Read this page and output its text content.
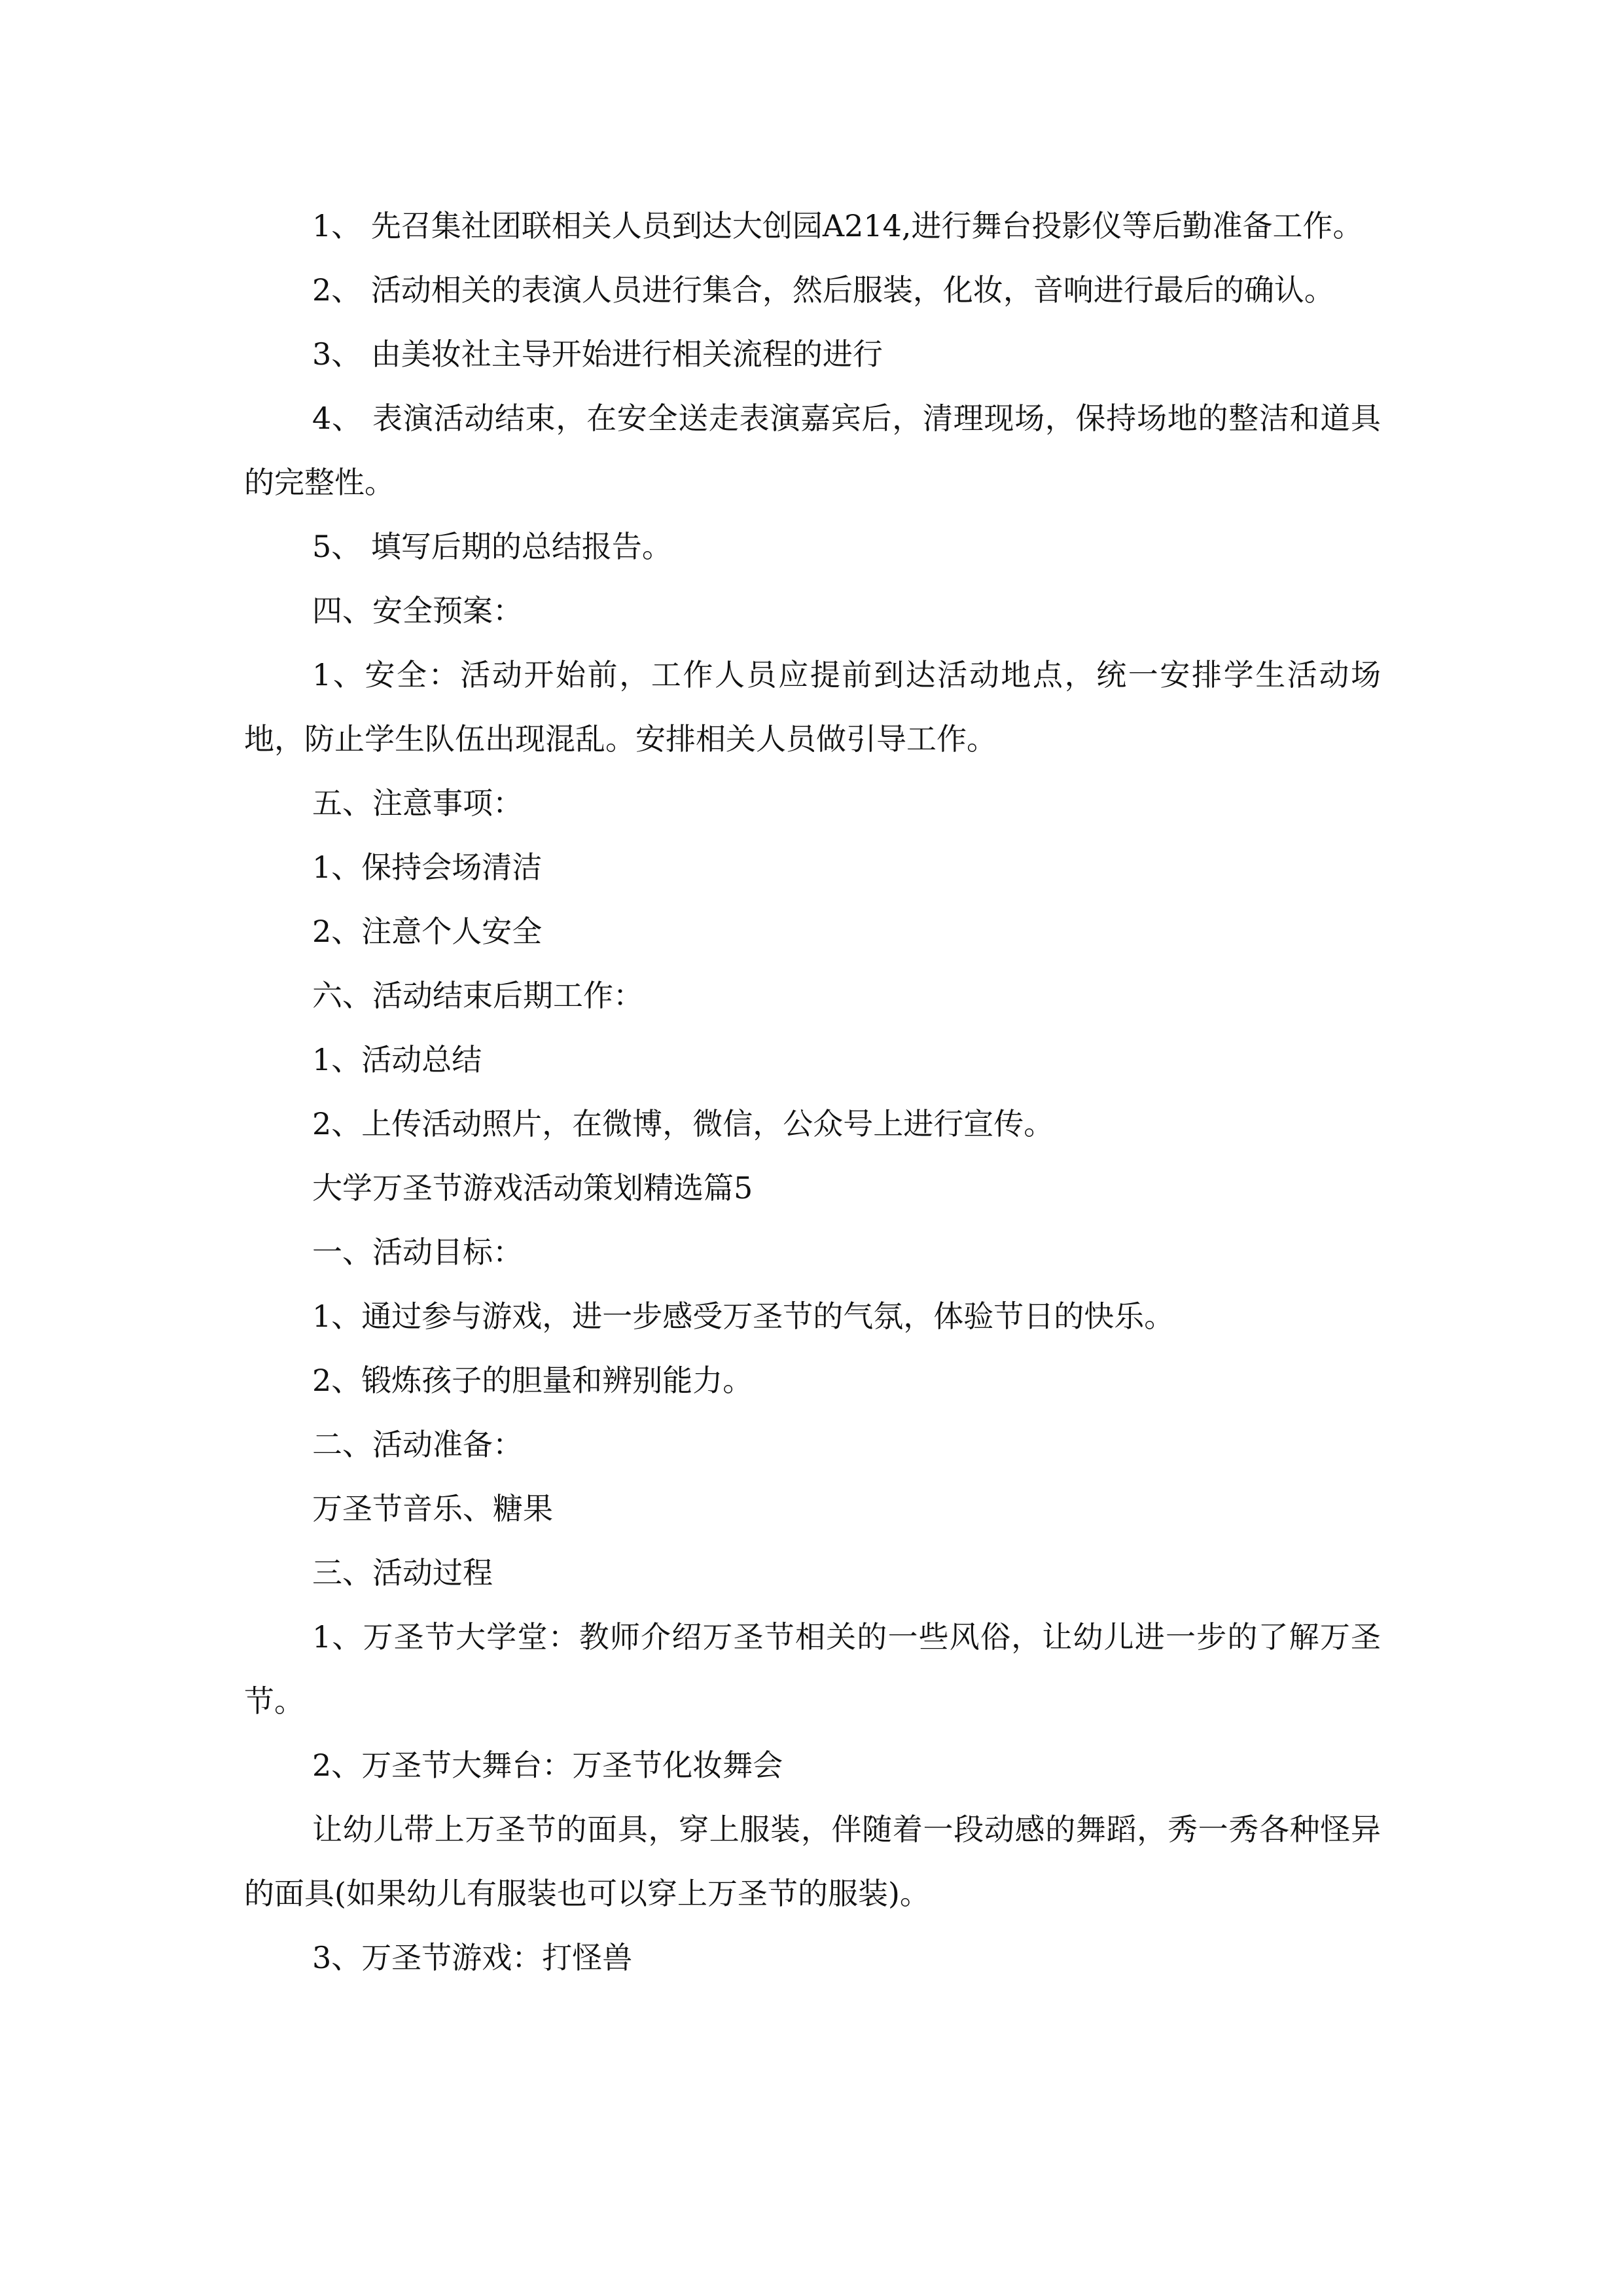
1、 先召集社团联相关人员到达大创园A214,进行舞台投影仪等后勤准备工作。

2、 活动相关的表演人员进行集合，然后服装，化妆，音响进行最后的确认。

3、 由美妆社主导开始进行相关流程的进行

4、 表演活动结束，在安全送走表演嘉宾后，清理现场，保持场地的整洁和道具的完整性。

5、 填写后期的总结报告。

四、安全预案：

1、安全：活动开始前，工作人员应提前到达活动地点，统一安排学生活动场地，防止学生队伍出现混乱。安排相关人员做引导工作。

五、注意事项：

1、保持会场清洁

2、注意个人安全

六、活动结束后期工作：

1、活动总结

2、上传活动照片，在微博，微信，公众号上进行宣传。

大学万圣节游戏活动策划精选篇5

一、活动目标：

1、通过参与游戏，进一步感受万圣节的气氛，体验节日的快乐。

2、锻炼孩子的胆量和辨别能力。

二、活动准备：

万圣节音乐、糖果

三、活动过程

1、万圣节大学堂：教师介绍万圣节相关的一些风俗，让幼儿进一步的了解万圣节。

2、万圣节大舞台：万圣节化妆舞会

让幼儿带上万圣节的面具，穿上服装，伴随着一段动感的舞蹈，秀一秀各种怪异的面具(如果幼儿有服装也可以穿上万圣节的服装)。

3、万圣节游戏：打怪兽
